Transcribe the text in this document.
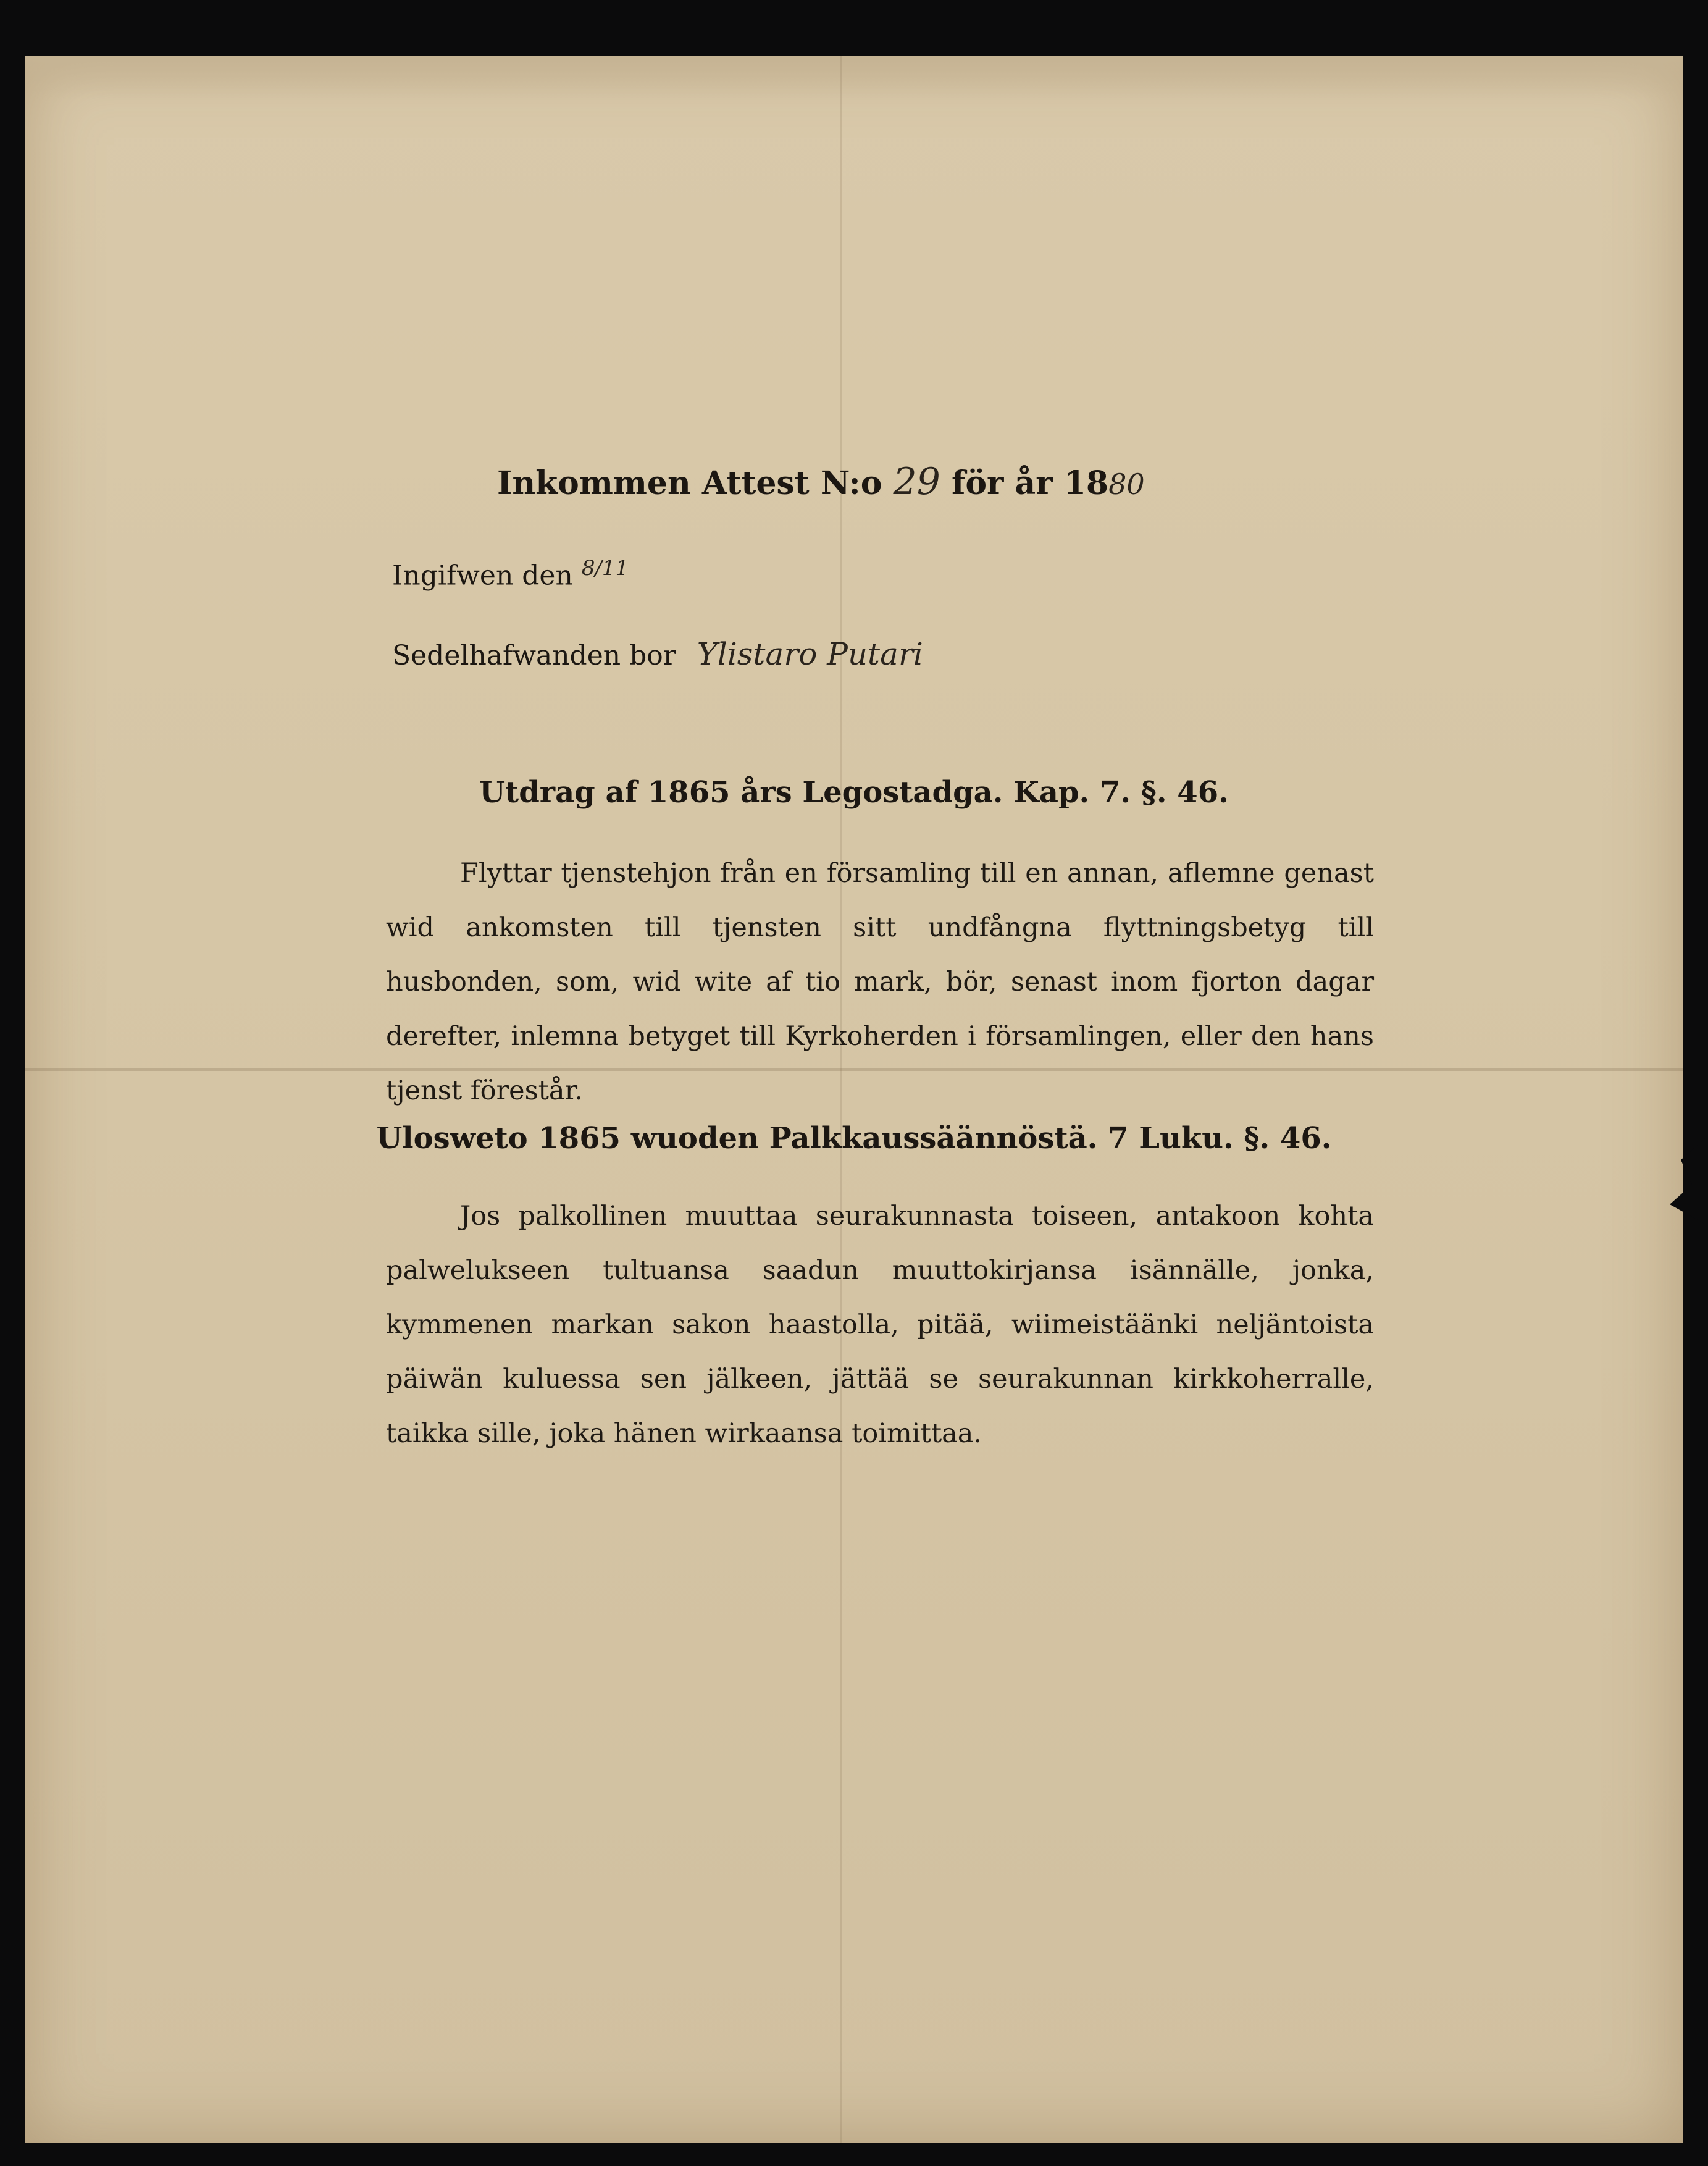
Inkommen Attest N:o 29 för år 1880
Ingifwen den $^{8/11}$
Sedelhafwanden bor Ylistaro Putari
Utdrag af 1865 års Legostadga. Kap. 7. §. 46.
Flyttar tjenstehjon från en församling till en annan, aflemne genast wid ankomsten till tjensten sitt undfångna flyttningsbetyg till husbonden, som, wid wite af tio mark, bör, senast inom fjorton dagar derefter, inlemna betyget till Kyrkoherden i församlingen, eller den hans tjenst förestår.
Ulosweto 1865 wuoden Palkkaussäännöstä. 7 Luku. §. 46.
Jos palkollinen muuttaa seurakunnasta toiseen, antakoon kohta palwelukseen tultuansa saadun muuttokirjansa isännälle, jonka, kymmenen markan sakon haastolla, pitää, wiimeistäänki neljäntoista päiwän kuluessa sen jälkeen, jättää se seurakunnan kirkkoherralle, taikka sille, joka hänen wirkaansa toimittaa.
